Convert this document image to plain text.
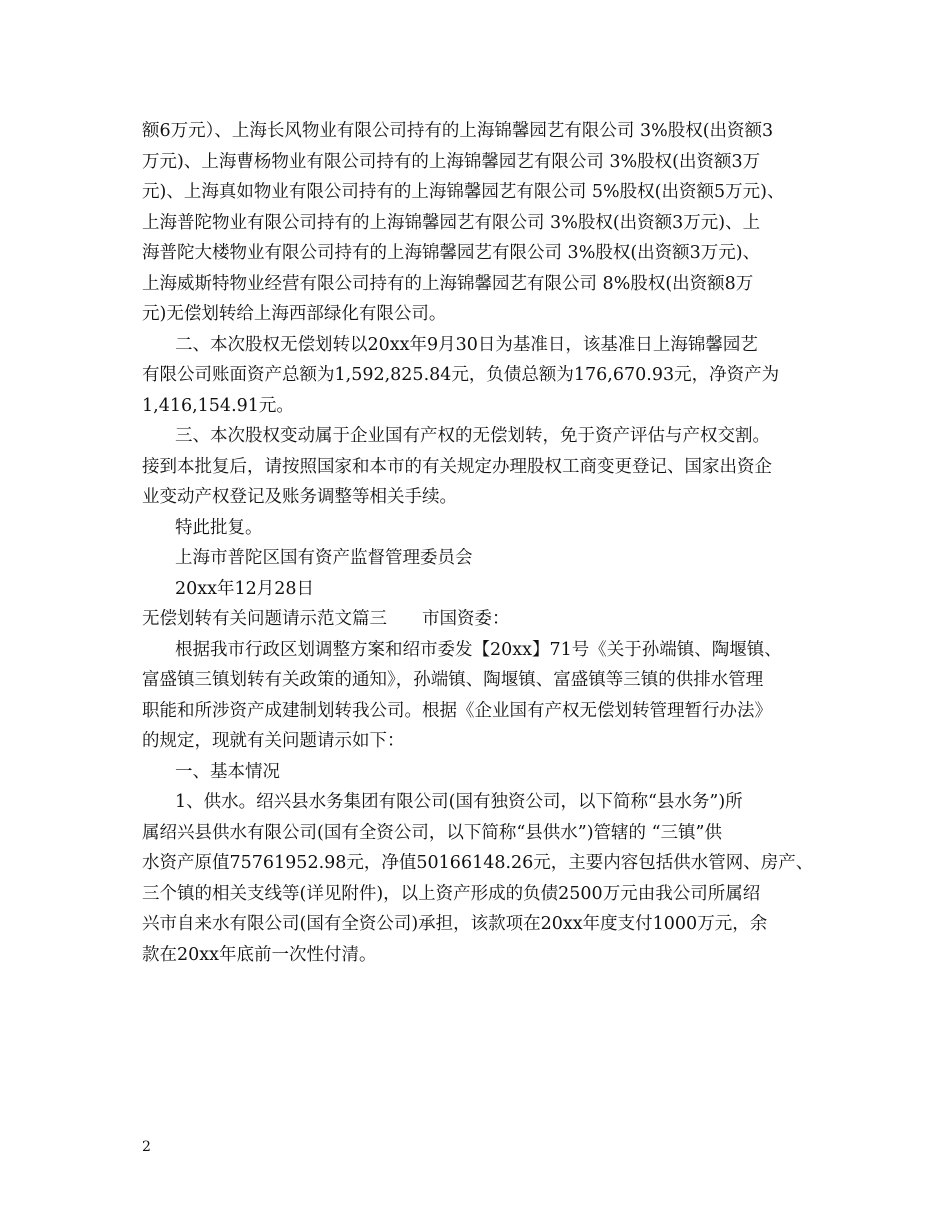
额6万元）、上海长风物业有限公司持有的上海锦馨园艺有限公司 3%股权(出资额3
万元)、上海曹杨物业有限公司持有的上海锦馨园艺有限公司 3%股权(出资额3万
元)、上海真如物业有限公司持有的上海锦馨园艺有限公司 5%股权(出资额5万元)、
上海普陀物业有限公司持有的上海锦馨园艺有限公司 3%股权(出资额3万元)、上
海普陀大楼物业有限公司持有的上海锦馨园艺有限公司 3%股权(出资额3万元)、
上海威斯特物业经营有限公司持有的上海锦馨园艺有限公司 8%股权(出资额8万
元)无偿划转给上海西部绿化有限公司。
二、本次股权无偿划转以20xx年9月30日为基准日，该基准日上海锦馨园艺
有限公司账面资产总额为1,592,825.84元，负债总额为176,670.93元，净资产为
1,416,154.91元。
三、本次股权变动属于企业国有产权的无偿划转，免于资产评估与产权交割。
接到本批复后，请按照国家和本市的有关规定办理股权工商变更登记、国家出资企
业变动产权登记及账务调整等相关手续。
特此批复。
上海市普陀区国有资产监督管理委员会
20xx年12月28日
无偿划转有关问题请示范文篇三　　市国资委：
根据我市行政区划调整方案和绍市委发【20xx】71号《关于孙端镇、陶堰镇、
富盛镇三镇划转有关政策的通知》，孙端镇、陶堰镇、富盛镇等三镇的供排水管理
职能和所涉资产成建制划转我公司。根据《企业国有产权无偿划转管理暂行办法》
的规定，现就有关问题请示如下：
一、基本情况
1、供水。绍兴县水务集团有限公司(国有独资公司，以下简称“县水务”)所
属绍兴县供水有限公司(国有全资公司，以下简称“县供水”)管辖的 “三镇”供
水资产原值75761952.98元，净值50166148.26元，主要内容包括供水管网、房产、
三个镇的相关支线等(详见附件)，以上资产形成的负债2500万元由我公司所属绍
兴市自来水有限公司(国有全资公司)承担，该款项在20xx年度支付1000万元，余
款在20xx年底前一次性付清。
2
